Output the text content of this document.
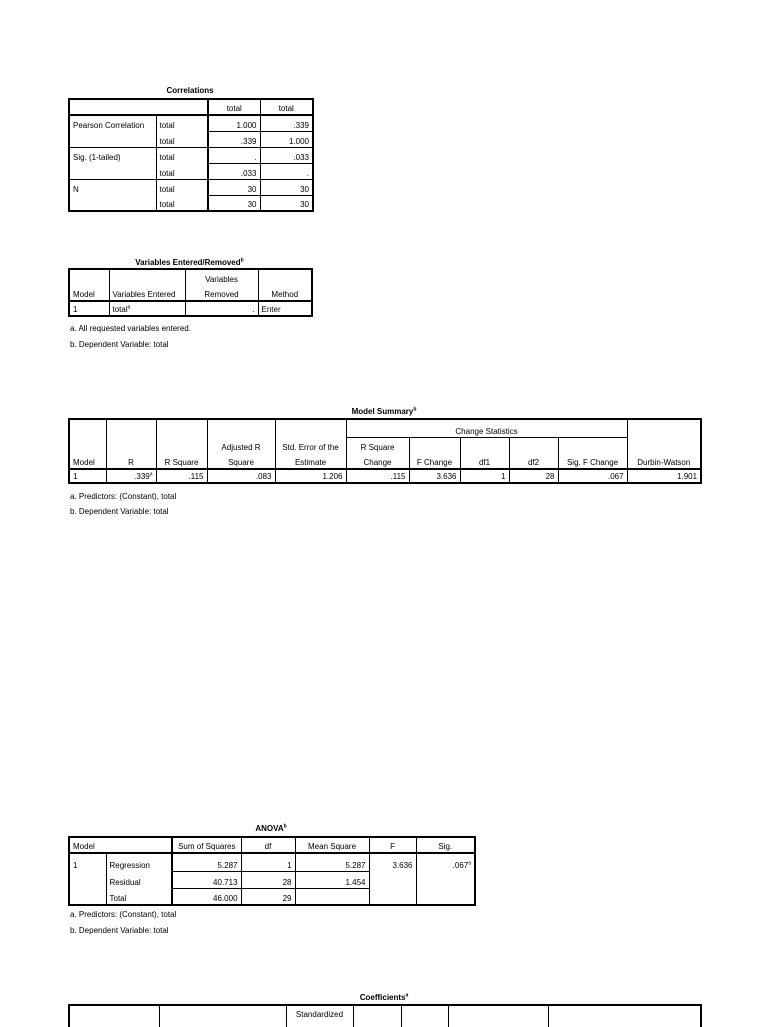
Correlations
		total	total
Pearson Correlation	total	1.000	.339
	total	.339	1.000
Sig. (1-tailed)	total	.	.033
	total	.033	.
N	total	30	30
	total	30	30
Variables Entered/Removed$^b$
		Variables	
Model	Variables Entered	Removed	Method
1	total$^a$	.	Enter
a. All requested variables entered.
b. Dependent Variable: total
Model Summary$^b$
					Change Statistics					
			Adjusted R	Std. Error of the	R Square					
Model	R	R Square	Square	Estimate	Change	F Change	df1	df2	Sig. F Change	Durbin-Watson
1	.339$^a$	.115	.083	1.206	.115	3.636	1	28	.067	1.901
a. Predictors: (Constant), total
b. Dependent Variable: total
ANOVA$^b$
Model		Sum of Squares	df	Mean Square	F	Sig.
1	Regression	5.287	1	5.287	3.636	.067$^a$
	Residual	40.713	28	1.454		
	Total	46.000	29			
a. Predictors: (Constant), total
b. Dependent Variable: total
Coefficients$^a$
		Standardized				
